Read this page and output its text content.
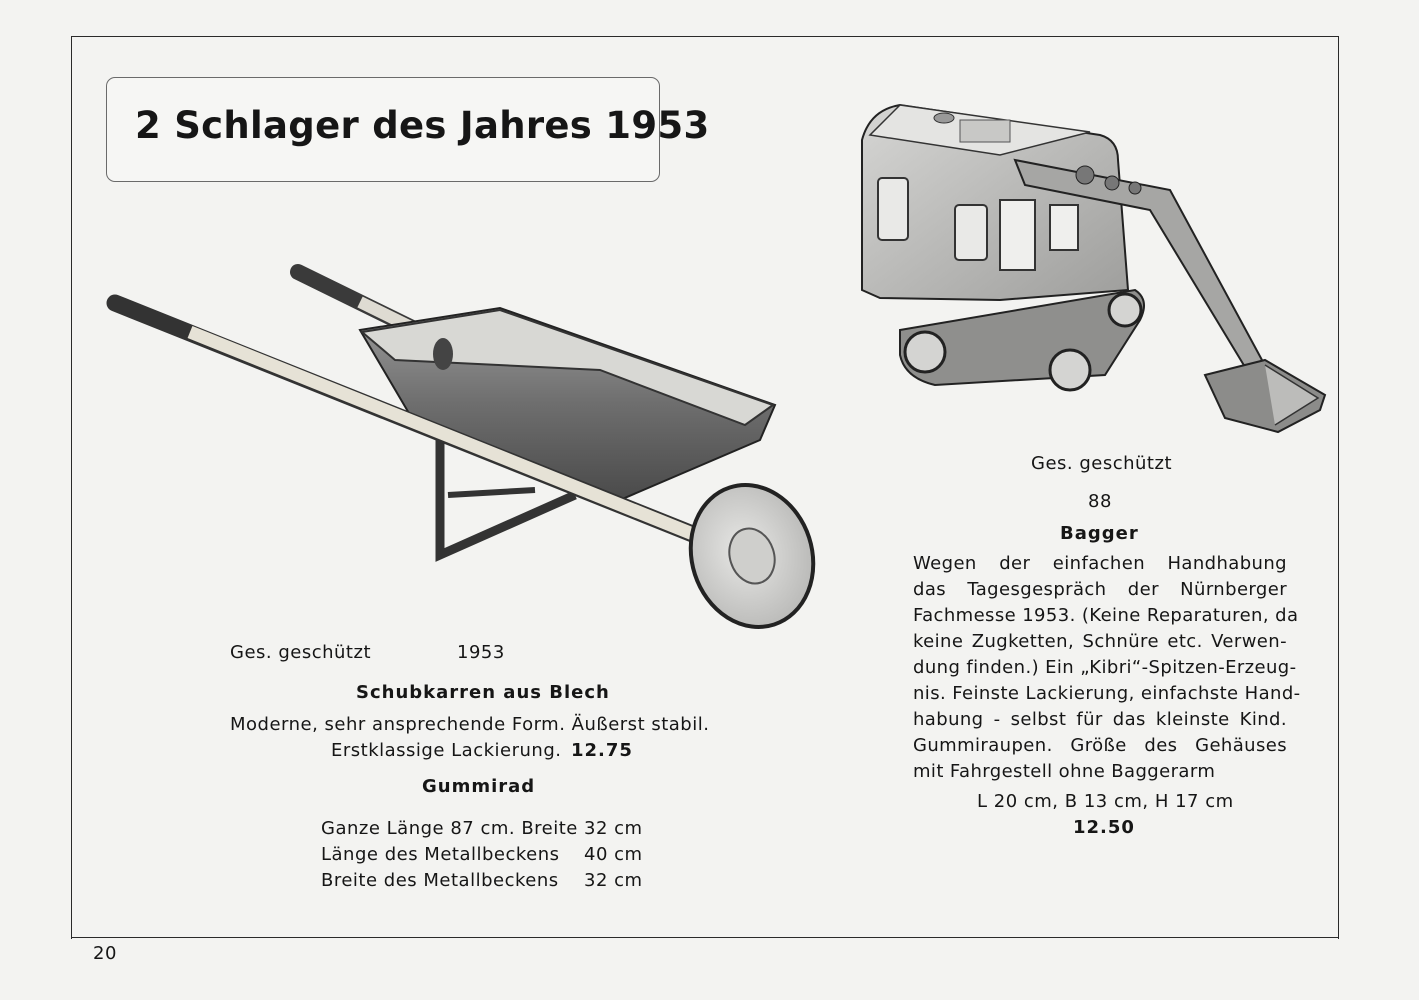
2 Schlager des Jahres 1953
Ges. geschützt	1953
Schubkarren aus Blech
Moderne, sehr ansprechende Form. Äußerst stabil.
Erstklassige Lackierung. 12.75
Gummirad
Ganze Länge 87 cm. Breite 32 cm
Länge des Metallbeckens 40 cm
Breite des Metallbeckens 32 cm
Ges. geschützt
88
Bagger
Wegen der einfachen Handhabung
das Tagesgespräch der Nürnberger
Fachmesse 1953. (Keine Reparaturen, da
keine Zugketten, Schnüre etc. Verwen-
dung finden.) Ein „Kibri“-Spitzen-Erzeug-
nis. Feinste Lackierung, einfachste Hand-
habung - selbst für das kleinste Kind.
Gummiraupen. Größe des Gehäuses
mit Fahrgestell ohne Baggerarm
L 20 cm, B 13 cm, H 17 cm
12.50
20
